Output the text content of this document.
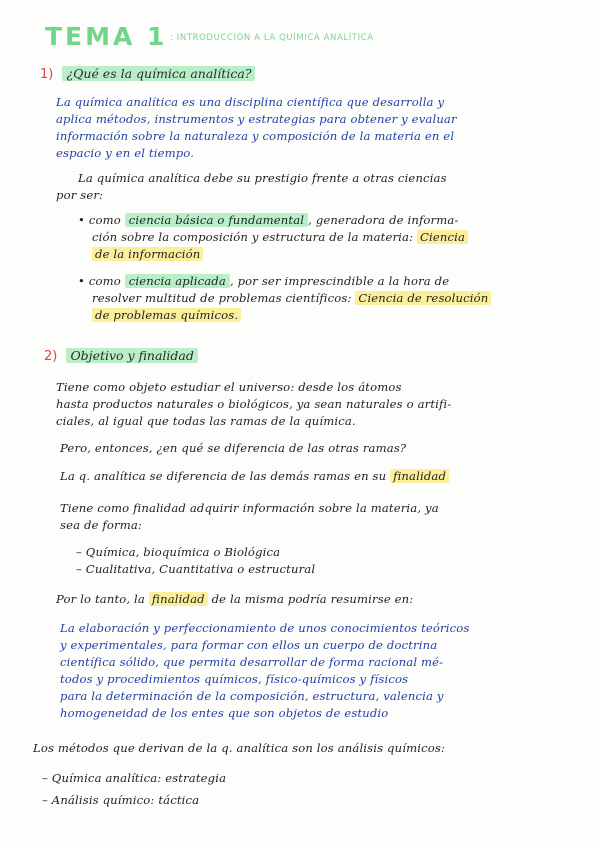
TEMA 1 : INTRODUCCIÓN A LA QUÍMICA ANALÍTICA
1) ¿Qué es la química analítica?
La química analítica es una disciplina científica que desarrolla y
aplica métodos, instrumentos y estrategias para obtener y evaluar
información sobre la naturaleza y composición de la materia en el
espacio y en el tiempo.
La química analítica debe su prestigio frente a otras ciencias
por ser:
• como ciencia básica o fundamental , generadora de informa-
ción sobre la composición y estructura de la materia: Ciencia
de la información
• como ciencia aplicada , por ser imprescindible a la hora de
resolver multitud de problemas científicos: Ciencia de resolución
de problemas químicos.
2) Objetivo y finalidad
Tiene como objeto estudiar el universo: desde los átomos
hasta productos naturales o biológicos, ya sean naturales o artifi-
ciales, al igual que todas las ramas de la química.
Pero, entonces, ¿en qué se diferencia de las otras ramas?
La q. analítica se diferencia de las demás ramas en su finalidad
Tiene como finalidad adquirir información sobre la materia, ya
sea de forma:
– Química, bioquímica o Biológica
– Cualitativa, Cuantitativa o estructural
Por lo tanto, la finalidad de la misma podría resumirse en:
La elaboración y perfeccionamiento de unos conocimientos teóricos
y experimentales, para formar con ellos un cuerpo de doctrina
científica sólido, que permita desarrollar de forma racional mé-
todos y procedimientos químicos, físico-químicos y físicos
para la determinación de la composición, estructura, valencia y
homogeneidad de los entes que son objetos de estudio
Los métodos que derivan de la q. analítica son los análisis químicos:
– Química analítica: estrategia
– Análisis químico: táctica
